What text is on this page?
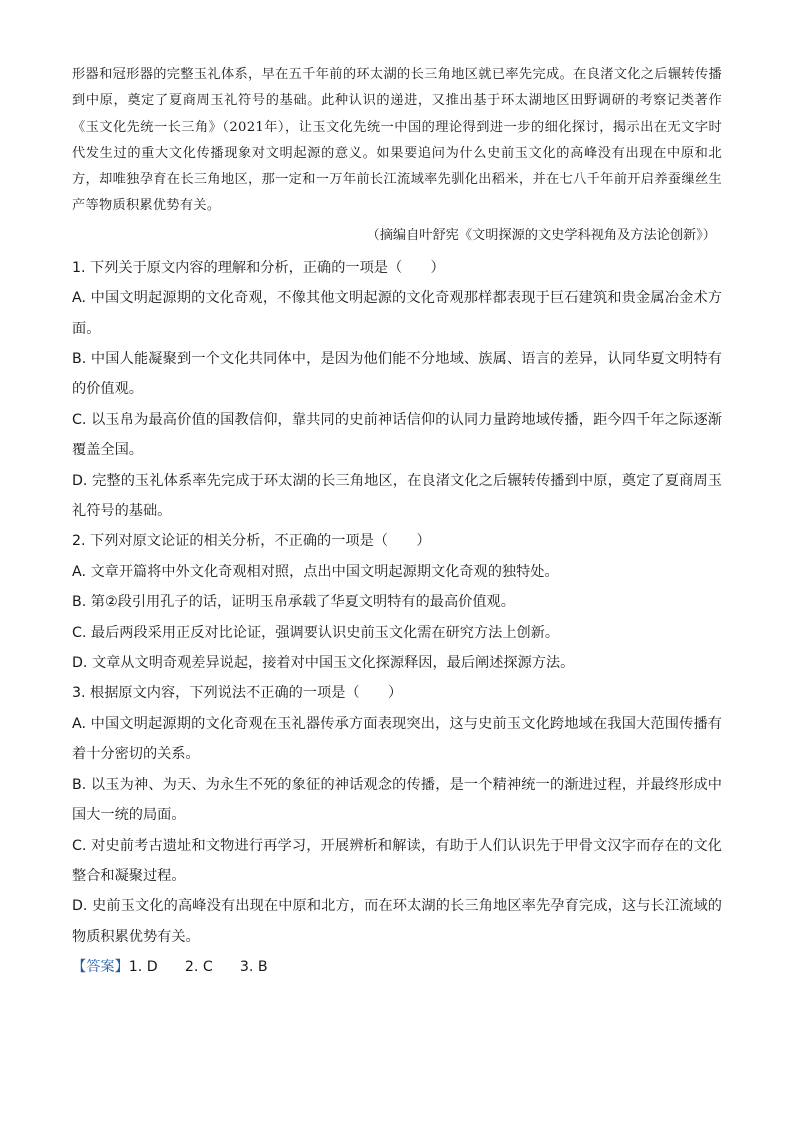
形器和冠形器的完整玉礼体系，早在五千年前的环太湖的长三角地区就已率先完成。在良渚文化之后辗转传播到中原，奠定了夏商周玉礼符号的基础。此种认识的递进，又推出基于环太湖地区田野调研的考察记类著作《玉文化先统一长三角》（2021年），让玉文化先统一中国的理论得到进一步的细化探讨，揭示出在无文字时代发生过的重大文化传播现象对文明起源的意义。如果要追问为什么史前玉文化的高峰没有出现在中原和北方，却唯独孕育在长三角地区，那一定和一万年前长江流域率先驯化出稻米，并在七八千年前开启养蚕缫丝生产等物质积累优势有关。

（摘编自叶舒宪《文明探源的文史学科视角及方法论创新》）

1. 下列关于原文内容的理解和分析，正确的一项是（　　）

A. 中国文明起源期的文化奇观，不像其他文明起源的文化奇观那样都表现于巨石建筑和贵金属冶金术方面。

B. 中国人能凝聚到一个文化共同体中，是因为他们能不分地域、族属、语言的差异，认同华夏文明特有的价值观。

C. 以玉帛为最高价值的国教信仰，靠共同的史前神话信仰的认同力量跨地域传播，距今四千年之际逐渐覆盖全国。

D. 完整的玉礼体系率先完成于环太湖的长三角地区，在良渚文化之后辗转传播到中原，奠定了夏商周玉礼符号的基础。

2. 下列对原文论证的相关分析，不正确的一项是（　　）

A. 文章开篇将中外文化奇观相对照，点出中国文明起源期文化奇观的独特处。

B. 第②段引用孔子的话，证明玉帛承载了华夏文明特有的最高价值观。

C. 最后两段采用正反对比论证，强调要认识史前玉文化需在研究方法上创新。

D. 文章从文明奇观差异说起，接着对中国玉文化探源释因，最后阐述探源方法。

3. 根据原文内容，下列说法不正确的一项是（　　）

A. 中国文明起源期的文化奇观在玉礼器传承方面表现突出，这与史前玉文化跨地域在我国大范围传播有着十分密切的关系。

B. 以玉为神、为天、为永生不死的象征的神话观念的传播，是一个精神统一的渐进过程，并最终形成中国大一统的局面。

C. 对史前考古遗址和文物进行再学习，开展辨析和解读，有助于人们认识先于甲骨文汉字而存在的文化整合和凝聚过程。

D. 史前玉文化的高峰没有出现在中原和北方，而在环太湖的长三角地区率先孕育完成，这与长江流域的物质积累优势有关。

【答案】1. D 2. C 3. B
